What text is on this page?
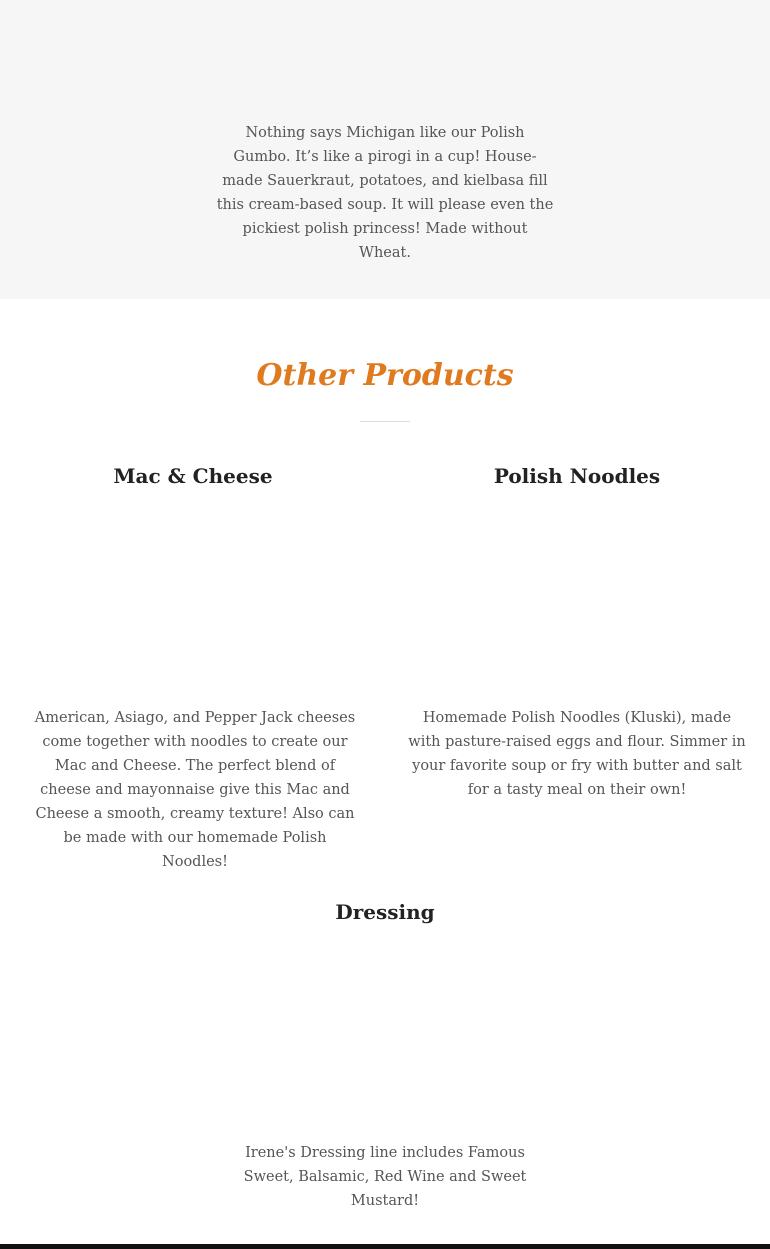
Nothing says Michigan like our Polish Gumbo. It’s like a pirogi in a cup! House-made Sauerkraut, potatoes, and kielbasa fill this cream-based soup. It will please even the pickiest polish princess! Made without Wheat.

Other Products
Mac & Cheese

American, Asiago, and Pepper Jack cheeses come together with noodles to create our Mac and Cheese. The perfect blend of cheese and mayonnaise give this Mac and Cheese a smooth, creamy texture! Also can be made with our homemade Polish Noodles!

Polish Noodles

Homemade Polish Noodles (Kluski), made with pasture-raised eggs and flour. Simmer in your favorite soup or fry with butter and salt for a tasty meal on their own!

Dressing

Irene's Dressing line includes Famous Sweet, Balsamic, Red Wine and Sweet Mustard!
